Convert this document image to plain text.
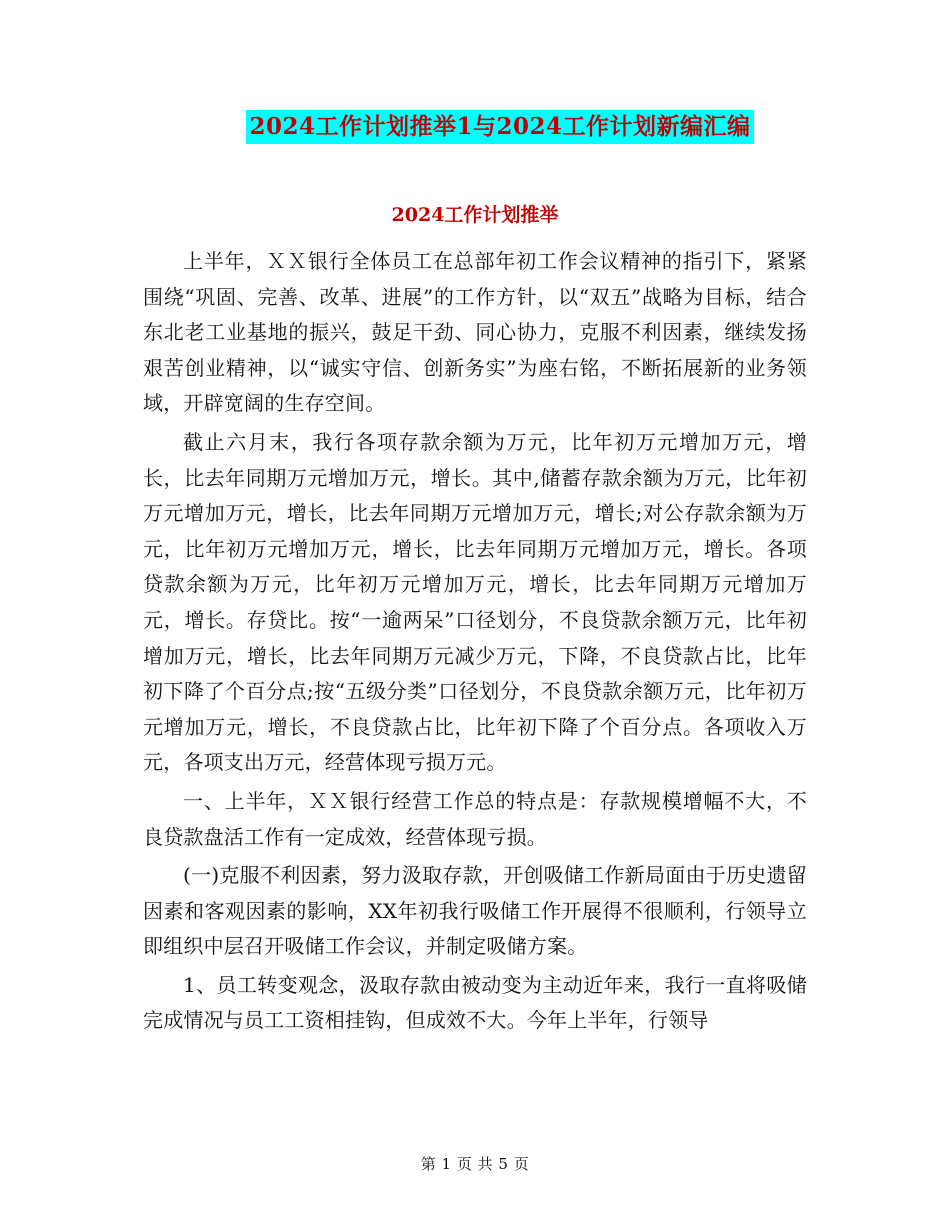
2024工作计划推举1与2024工作计划新编汇编
2024工作计划推举

上半年，ＸＸ银行全体员工在总部年初工作会议精神的指引下，紧紧围绕“巩固、完善、改革、进展”的工作方针，以“双五”战略为目标，结合东北老工业基地的振兴，鼓足干劲、同心协力，克服不利因素，继续发扬艰苦创业精神，以“诚实守信、创新务实”为座右铭，不断拓展新的业务领域，开辟宽阔的生存空间。

截止六月末，我行各项存款余额为万元，比年初万元增加万元，增长，比去年同期万元增加万元，增长。其中,储蓄存款余额为万元，比年初万元增加万元，增长，比去年同期万元增加万元，增长;对公存款余额为万元，比年初万元增加万元，增长，比去年同期万元增加万元，增长。各项贷款余额为万元，比年初万元增加万元，增长，比去年同期万元增加万元，增长。存贷比。按“一逾两呆”口径划分，不良贷款余额万元，比年初增加万元，增长，比去年同期万元减少万元，下降，不良贷款占比，比年初下降了个百分点;按“五级分类”口径划分，不良贷款余额万元，比年初万元增加万元，增长，不良贷款占比，比年初下降了个百分点。各项收入万元，各项支出万元，经营体现亏损万元。

一、上半年，ＸＸ银行经营工作总的特点是：存款规模增幅不大，不良贷款盘活工作有一定成效，经营体现亏损。

(一)克服不利因素，努力汲取存款，开创吸储工作新局面由于历史遗留因素和客观因素的影响，XX年初我行吸储工作开展得不很顺利，行领导立即组织中层召开吸储工作会议，并制定吸储方案。

1、员工转变观念，汲取存款由被动变为主动近年来，我行一直将吸储完成情况与员工工资相挂钩，但成效不大。今年上半年，行领导

第 1 页 共 5 页
